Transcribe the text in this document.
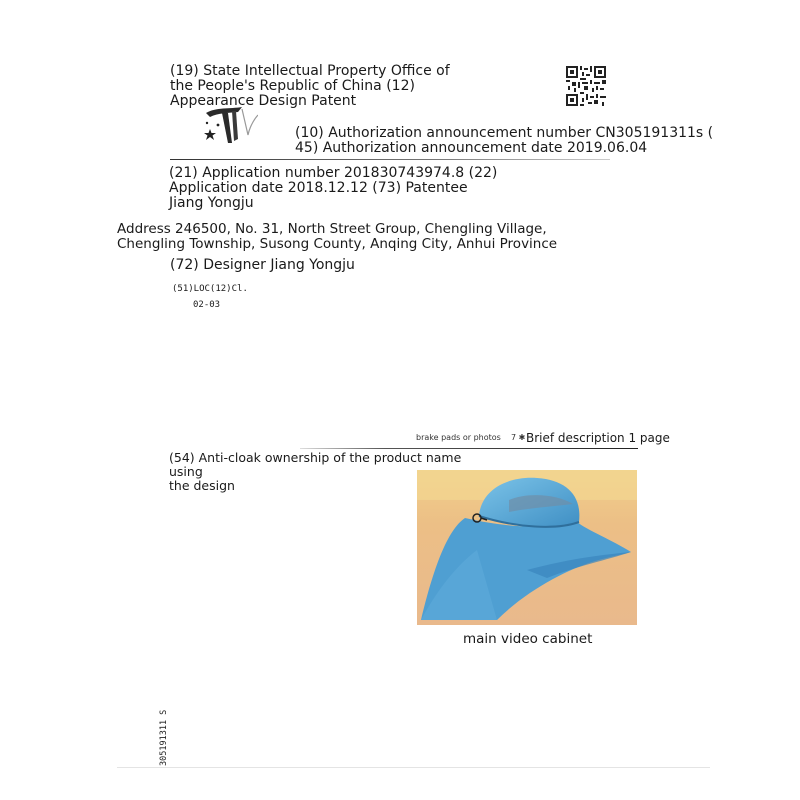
(19) State Intellectual Property Office of
the People's Republic of China (12)
Appearance Design Patent
(10) Authorization announcement number CN305191311s (
45) Authorization announcement date 2019.06.04
(21) Application number 201830743974.8 (22)
Application date 2018.12.12 (73) Patentee
Jiang Yongju
Address 246500, No. 31, North Street Group, Chengling Village,
Chengling Township, Susong County, Anqing City, Anhui Province
(72) Designer Jiang Yongju
(51)LOC(12)Cl.
02-03
brake pads or photos 7 ✱ Brief description 1 page
(54) Anti-cloak ownership of the product name using
the design
main video cabinet
305191311 S
